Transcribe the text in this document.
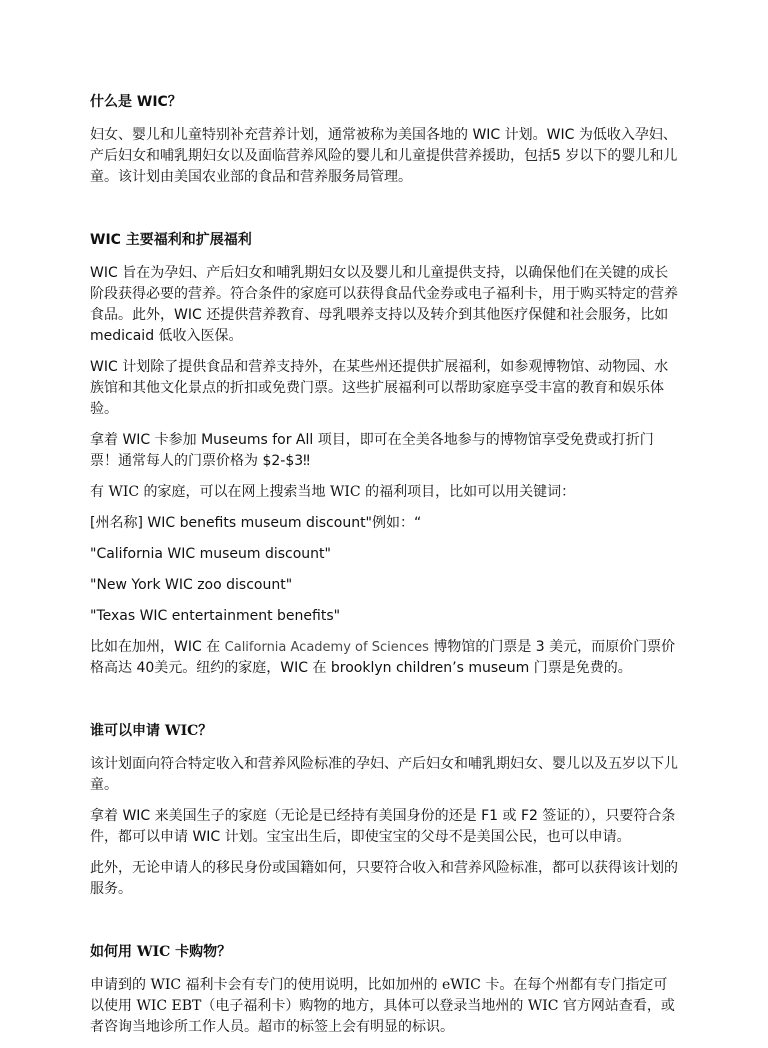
什么是 WIC？

妇女、婴儿和儿童特别补充营养计划，通常被称为美国各地的 WIC 计划。WIC 为低收入孕妇、产后妇女和哺乳期妇女以及面临营养风险的婴儿和儿童提供营养援助，包括5 岁以下的婴儿和儿童。该计划由美国农业部的食品和营养服务局管理。

WIC 主要福利和扩展福利

WIC 旨在为孕妇、产后妇女和哺乳期妇女以及婴儿和儿童提供支持，以确保他们在关键的成长阶段获得必要的营养。符合条件的家庭可以获得食品代金券或电子福利卡，用于购买特定的营养食品。此外，WIC 还提供营养教育、母乳喂养支持以及转介到其他医疗保健和社会服务，比如medicaid 低收入医保。

WIC 计划除了提供食品和营养支持外，在某些州还提供扩展福利，如参观博物馆、动物园、水族馆和其他文化景点的折扣或免费门票。这些扩展福利可以帮助家庭享受丰富的教育和娱乐体验。

拿着 WIC 卡参加 Museums for All 项目，即可在全美各地参与的博物馆享受免费或打折门票！通常每人的门票价格为 $2-$3‼

有 WIC 的家庭，可以在网上搜索当地 WIC 的福利项目，比如可以用关键词：

[州名称] WIC benefits museum discount"例如：“

"California WIC museum discount"

"New York WIC zoo discount"

"Texas WIC entertainment benefits"

比如在加州，WIC 在 California Academy of Sciences 博物馆的门票是 3 美元，而原价门票价格高达 40美元。纽约的家庭，WIC 在 brooklyn children’s museum 门票是免费的。

谁可以申请 WIC？

该计划面向符合特定收入和营养风险标准的孕妇、产后妇女和哺乳期妇女、婴儿以及五岁以下儿童。

拿着 WIC 来美国生子的家庭（无论是已经持有美国身份的还是 F1 或 F2 签证的），只要符合条件，都可以申请 WIC 计划。宝宝出生后，即使宝宝的父母不是美国公民，也可以申请。

此外，无论申请人的移民身份或国籍如何，只要符合收入和营养风险标准，都可以获得该计划的服务。

如何用 WIC 卡购物？

申请到的 WIC 福利卡会有专门的使用说明，比如加州的 eWIC 卡。在每个州都有专门指定可以使用 WIC EBT（电子福利卡）购物的地方，具体可以登录当地州的 WIC 官方网站查看，或者咨询当地诊所工作人员。超市的标签上会有明显的标识。
